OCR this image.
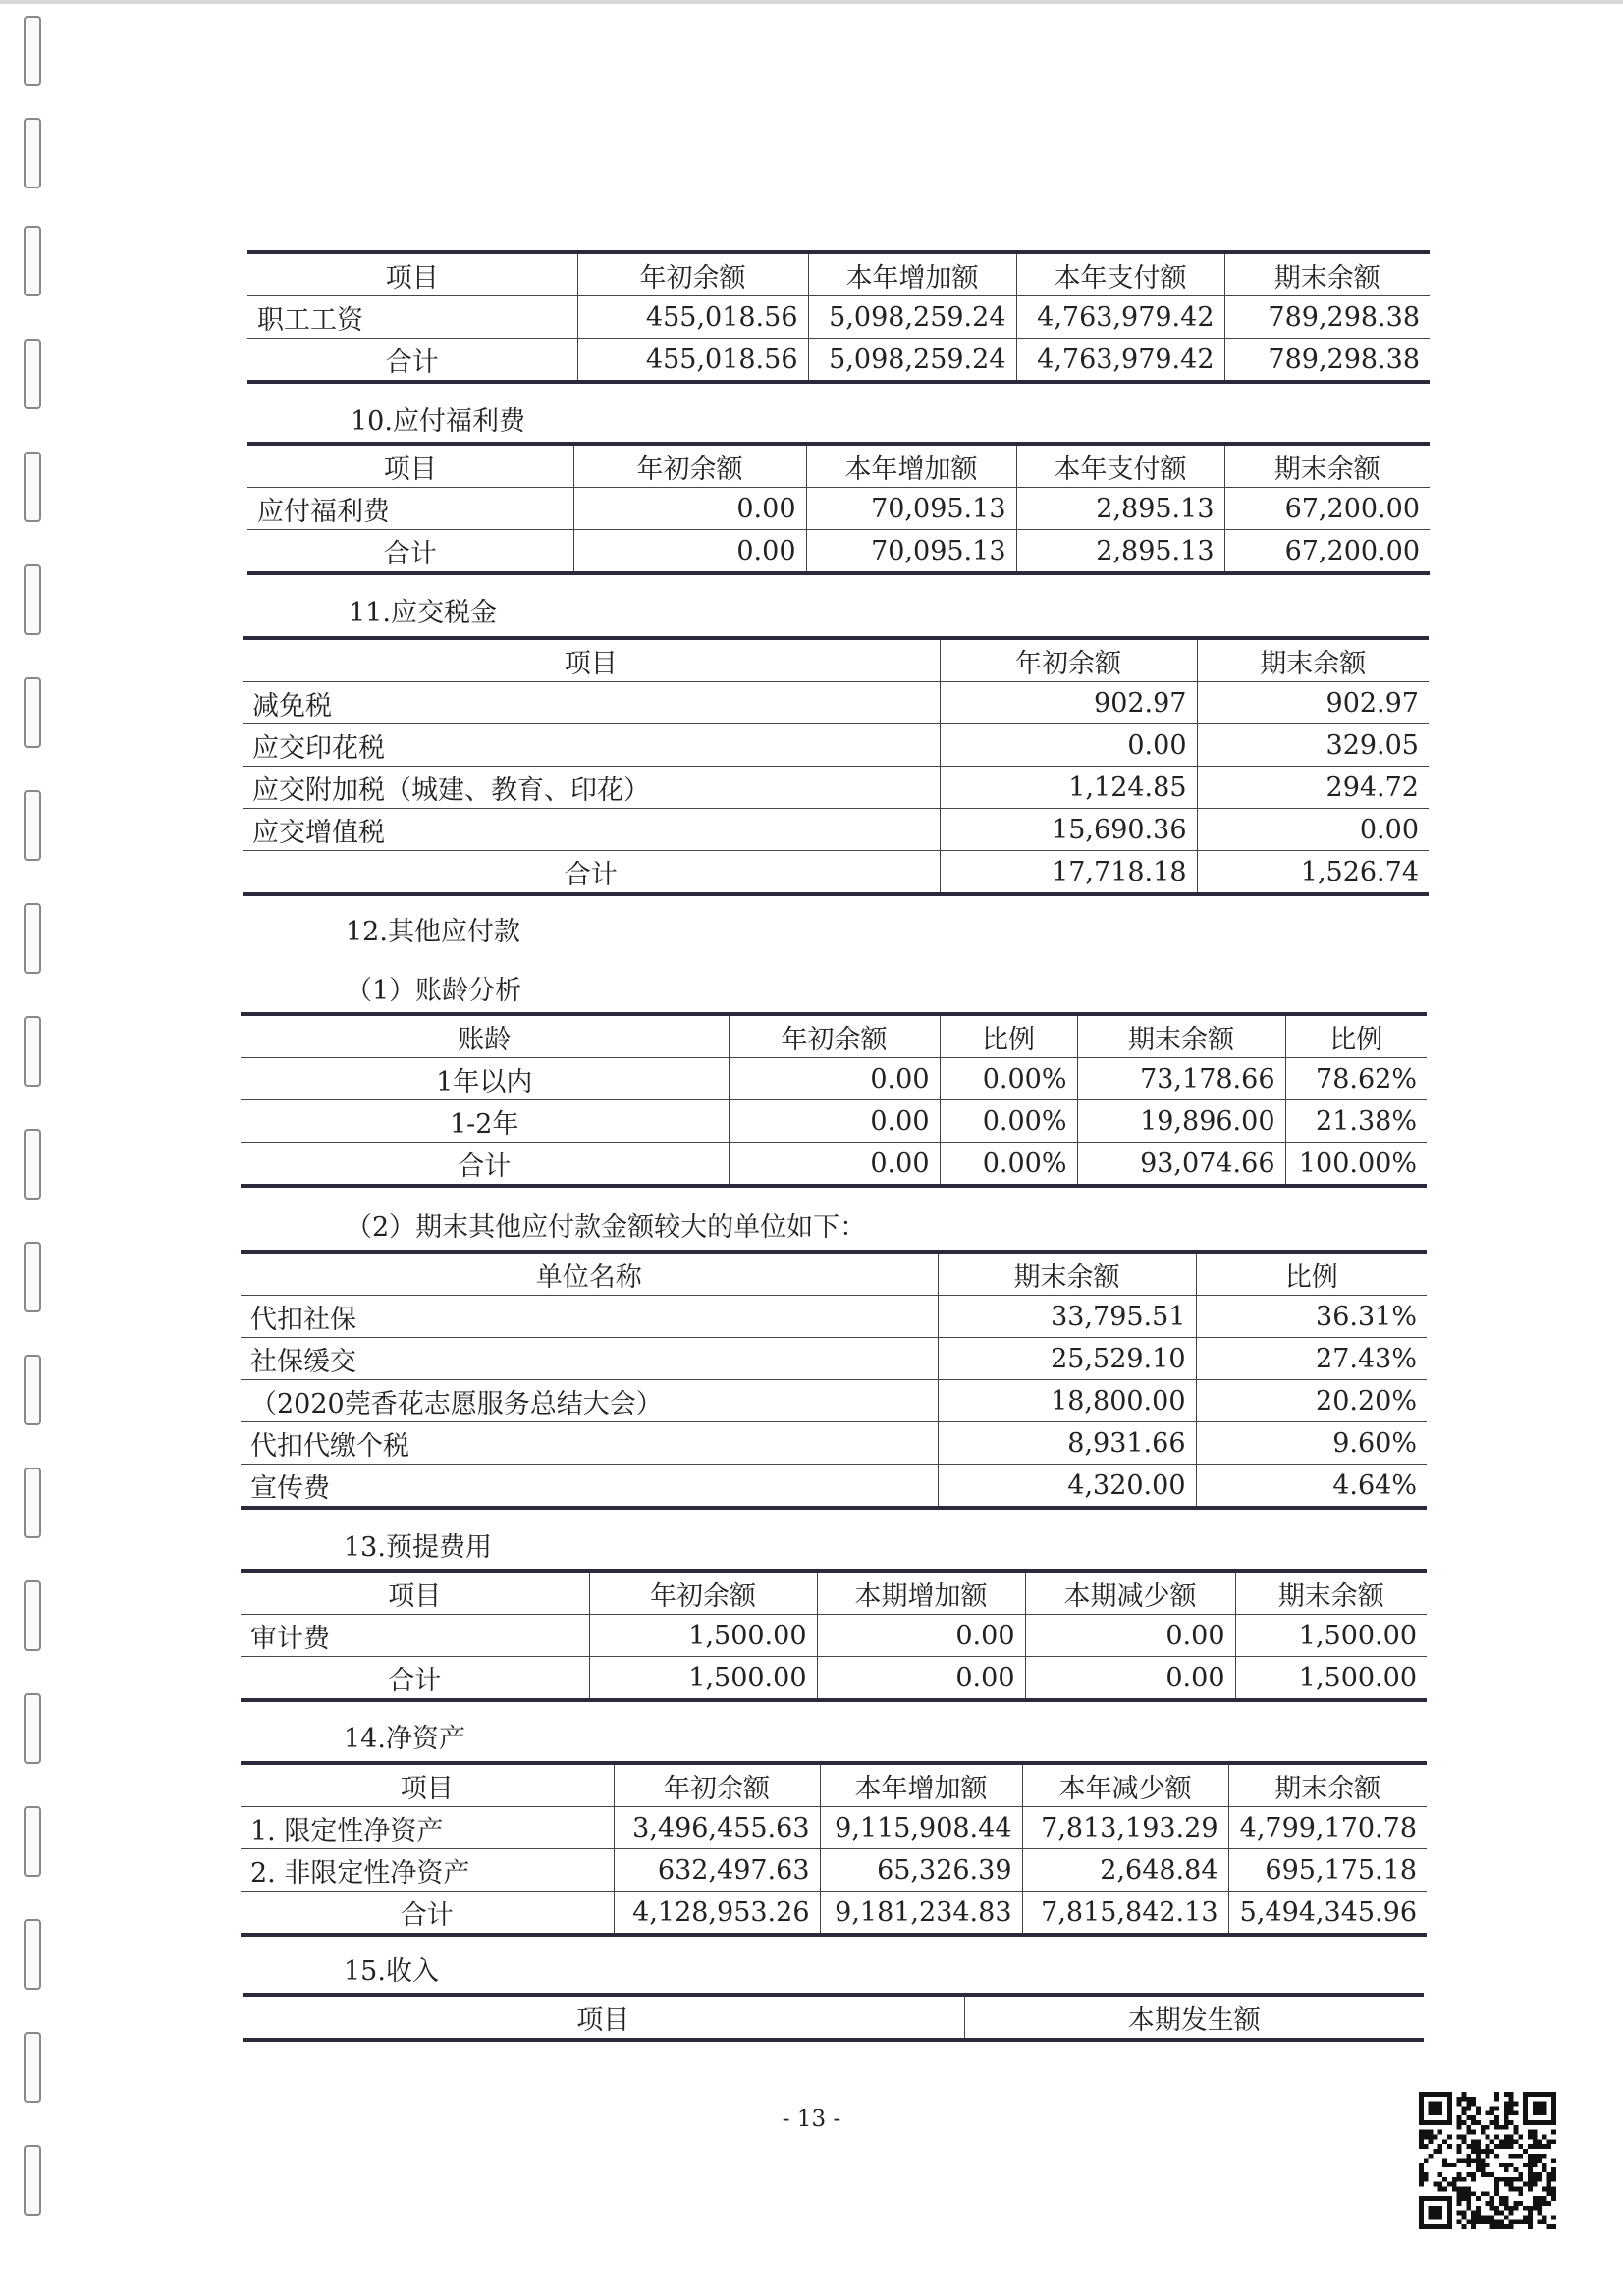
项目	年初余额	本年增加额	本年支付额	期末余额
职工工资	455,018.56	5,098,259.24	4,763,979.42	789,298.38
合计	455,018.56	5,098,259.24	4,763,979.42	789,298.38
10.应付福利费
项目	年初余额	本年增加额	本年支付额	期末余额
应付福利费	0.00	70,095.13	2,895.13	67,200.00
合计	0.00	70,095.13	2,895.13	67,200.00
11.应交税金
项目	年初余额	期末余额
减免税	902.97	902.97
应交印花税	0.00	329.05
应交附加税（城建、教育、印花）	1,124.85	294.72
应交增值税	15,690.36	0.00
合计	17,718.18	1,526.74
12.其他应付款
（1）账龄分析
账龄	年初余额	比例	期末余额	比例
1年以内	0.00	0.00%	73,178.66	78.62%
1-2年	0.00	0.00%	19,896.00	21.38%
合计	0.00	0.00%	93,074.66	100.00%
（2）期末其他应付款金额较大的单位如下：
单位名称	期末余额	比例
代扣社保	33,795.51	36.31%
社保缓交	25,529.10	27.43%
（2020莞香花志愿服务总结大会）	18,800.00	20.20%
代扣代缴个税	8,931.66	9.60%
宣传费	4,320.00	4.64%
13.预提费用
项目	年初余额	本期增加额	本期减少额	期末余额
审计费	1,500.00	0.00	0.00	1,500.00
合计	1,500.00	0.00	0.00	1,500.00
14.净资产
项目	年初余额	本年增加额	本年减少额	期末余额
1. 限定性净资产	3,496,455.63	9,115,908.44	7,813,193.29	4,799,170.78
2. 非限定性净资产	632,497.63	65,326.39	2,648.84	695,175.18
合计	4,128,953.26	9,181,234.83	7,815,842.13	5,494,345.96
15.收入
项目	本期发生额
- 13 -
